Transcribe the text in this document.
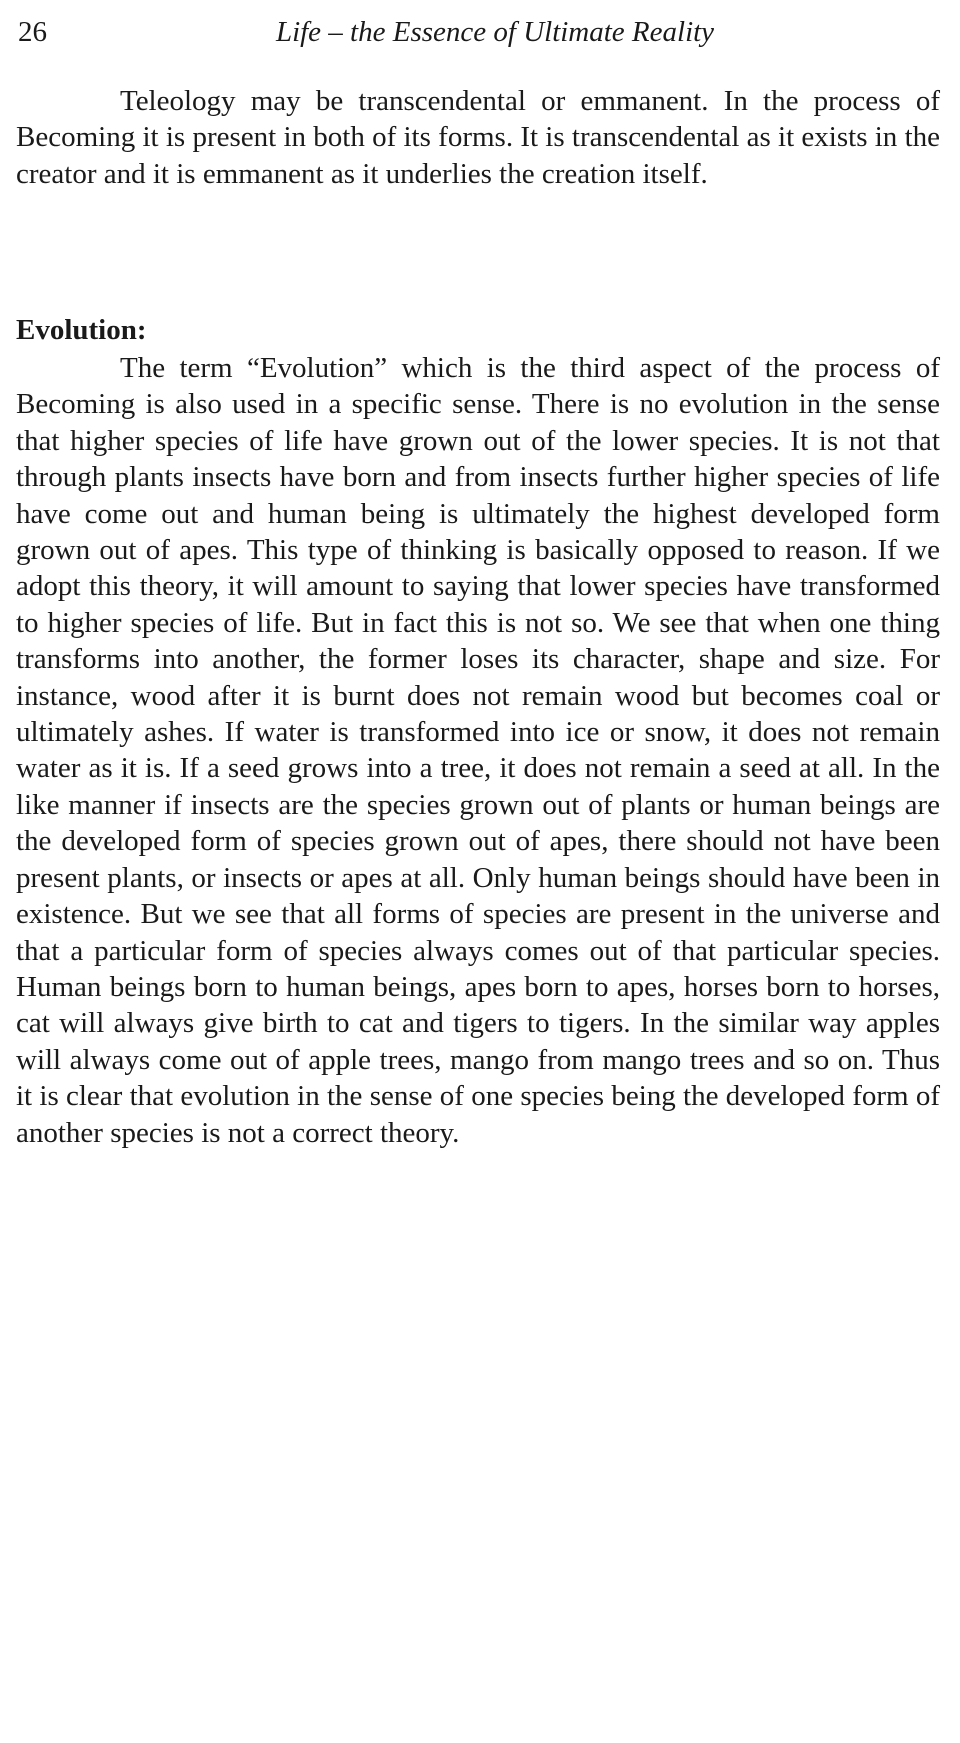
26	Life – the Essence of Ultimate Reality

Teleology may be transcendental or emmanent. In the process of Becoming it is present in both of its forms. It is transcendental as it exists in the creator and it is emmanent as it underlies the creation itself.

Evolution:

The term “Evolution” which is the third aspect of the process of Becoming is also used in a specific sense. There is no evolution in the sense that higher species of life have grown out of the lower species. It is not that through plants insects have born and from insects further higher species of life have come out and human being is ultimately the highest developed form grown out of apes. This type of thinking is basically opposed to reason. If we adopt this theory, it will amount to saying that lower species have transformed to higher species of life. But in fact this is not so. We see that when one thing transforms into another, the former loses its character, shape and size. For instance, wood after it is burnt does not remain wood but becomes coal or ultimately ashes. If water is transformed into ice or snow, it does not remain water as it is. If a seed grows into a tree, it does not remain a seed at all. In the like manner if insects are the species grown out of plants or human beings are the developed form of species grown out of apes, there should not have been present plants, or insects or apes at all. Only human beings should have been in existence. But we see that all forms of species are present in the universe and that a particular form of species always comes out of that particular species. Human beings born to human beings, apes born to apes, horses born to horses, cat will always give birth to cat and tigers to tigers. In the similar way apples will always come out of apple trees, mango from mango trees and so on. Thus it is clear that evolution in the sense of one species being the developed form of another species is not a correct theory.
